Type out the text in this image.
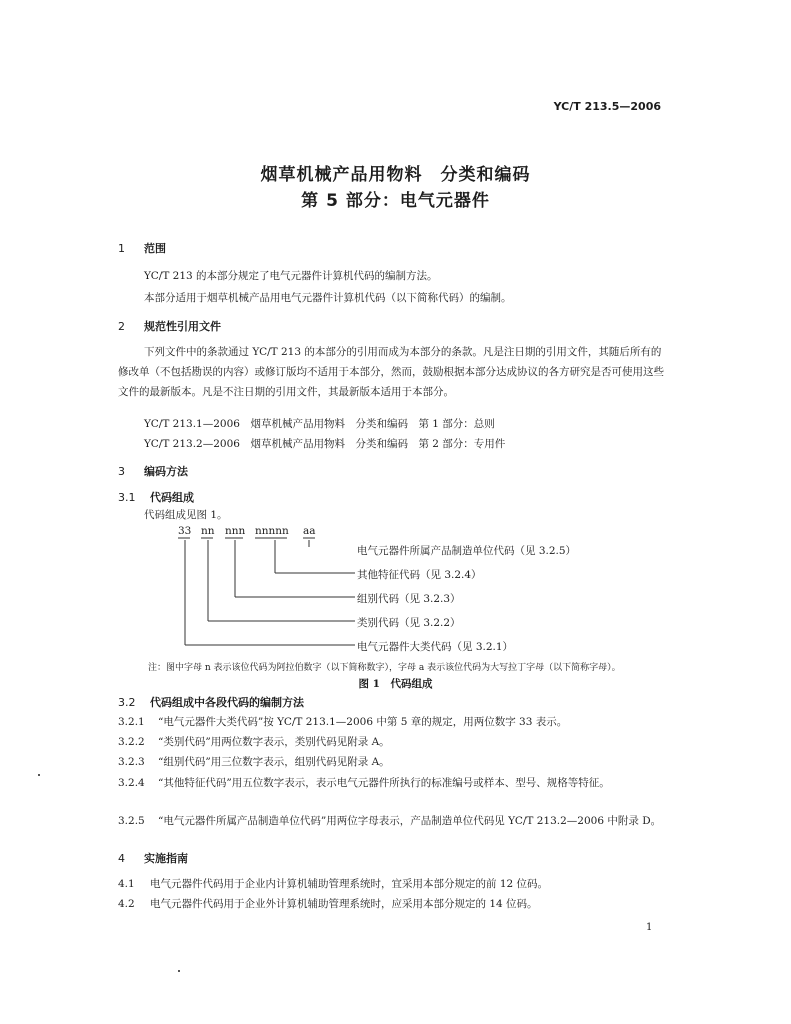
YC/T 213.5—2006
烟草机械产品用物料　分类和编码
第 5 部分：电气元器件
1 范围
YC/T 213 的本部分规定了电气元器件计算机代码的编制方法。
本部分适用于烟草机械产品用电气元器件计算机代码（以下简称代码）的编制。
2 规范性引用文件
下列文件中的条款通过 YC/T 213 的本部分的引用而成为本部分的条款。凡是注日期的引用文件，其随后所有的修改单（不包括勘误的内容）或修订版均不适用于本部分，然而，鼓励根据本部分达成协议的各方研究是否可使用这些文件的最新版本。凡是不注日期的引用文件，其最新版本适用于本部分。
YC/T 213.1—2006　烟草机械产品用物料　分类和编码　第 1 部分：总则
YC/T 213.2—2006　烟草机械产品用物料　分类和编码　第 2 部分：专用件
3 编码方法
3.1 代码组成
代码组成见图 1。
33 nn nnn nnnnn aa
电气元器件所属产品制造单位代码（见 3.2.5）
其他特征代码（见 3.2.4）
组别代码（见 3.2.3）
类别代码（见 3.2.2）
电气元器件大类代码（见 3.2.1）
注：图中字母 n 表示该位代码为阿拉伯数字（以下简称数字），字母 a 表示该位代码为大写拉丁字母（以下简称字母）。
图 1　代码组成
3.2 代码组成中各段代码的编制方法
3.2.1 “电气元器件大类代码”按 YC/T 213.1—2006 中第 5 章的规定，用两位数字 33 表示。
3.2.2 “类别代码”用两位数字表示，类别代码见附录 A。
3.2.3 “组别代码”用三位数字表示，组别代码见附录 A。
3.2.4 “其他特征代码”用五位数字表示，表示电气元器件所执行的标准编号或样本、型号、规格等特征。
3.2.5 “电气元器件所属产品制造单位代码”用两位字母表示，产品制造单位代码见 YC/T 213.2—2006 中附录 D。
4 实施指南
4.1 电气元器件代码用于企业内计算机辅助管理系统时，宜采用本部分规定的前 12 位码。
4.2 电气元器件代码用于企业外计算机辅助管理系统时，应采用本部分规定的 14 位码。
1
